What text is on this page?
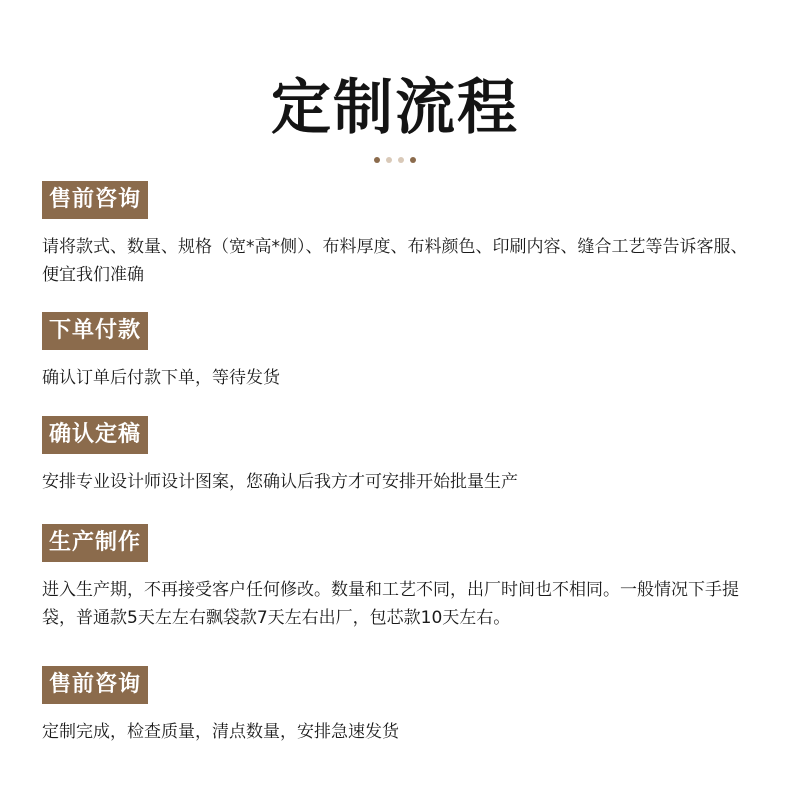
定制流程
售前咨询
请将款式、数量、规格（宽*高*侧）、布料厚度、布料颜色、印刷内容、缝合工艺等告诉客服、便宜我们准确
下单付款
确认订单后付款下单，等待发货
确认定稿
安排专业设计师设计图案，您确认后我方才可安排开始批量生产
生产制作
进入生产期，不再接受客户任何修改。数量和工艺不同，出厂时间也不相同。一般情况下手提袋，普通款5天左左右飘袋款7天左右出厂，包芯款10天左右。
售前咨询
定制完成，检查质量，清点数量，安排急速发货
